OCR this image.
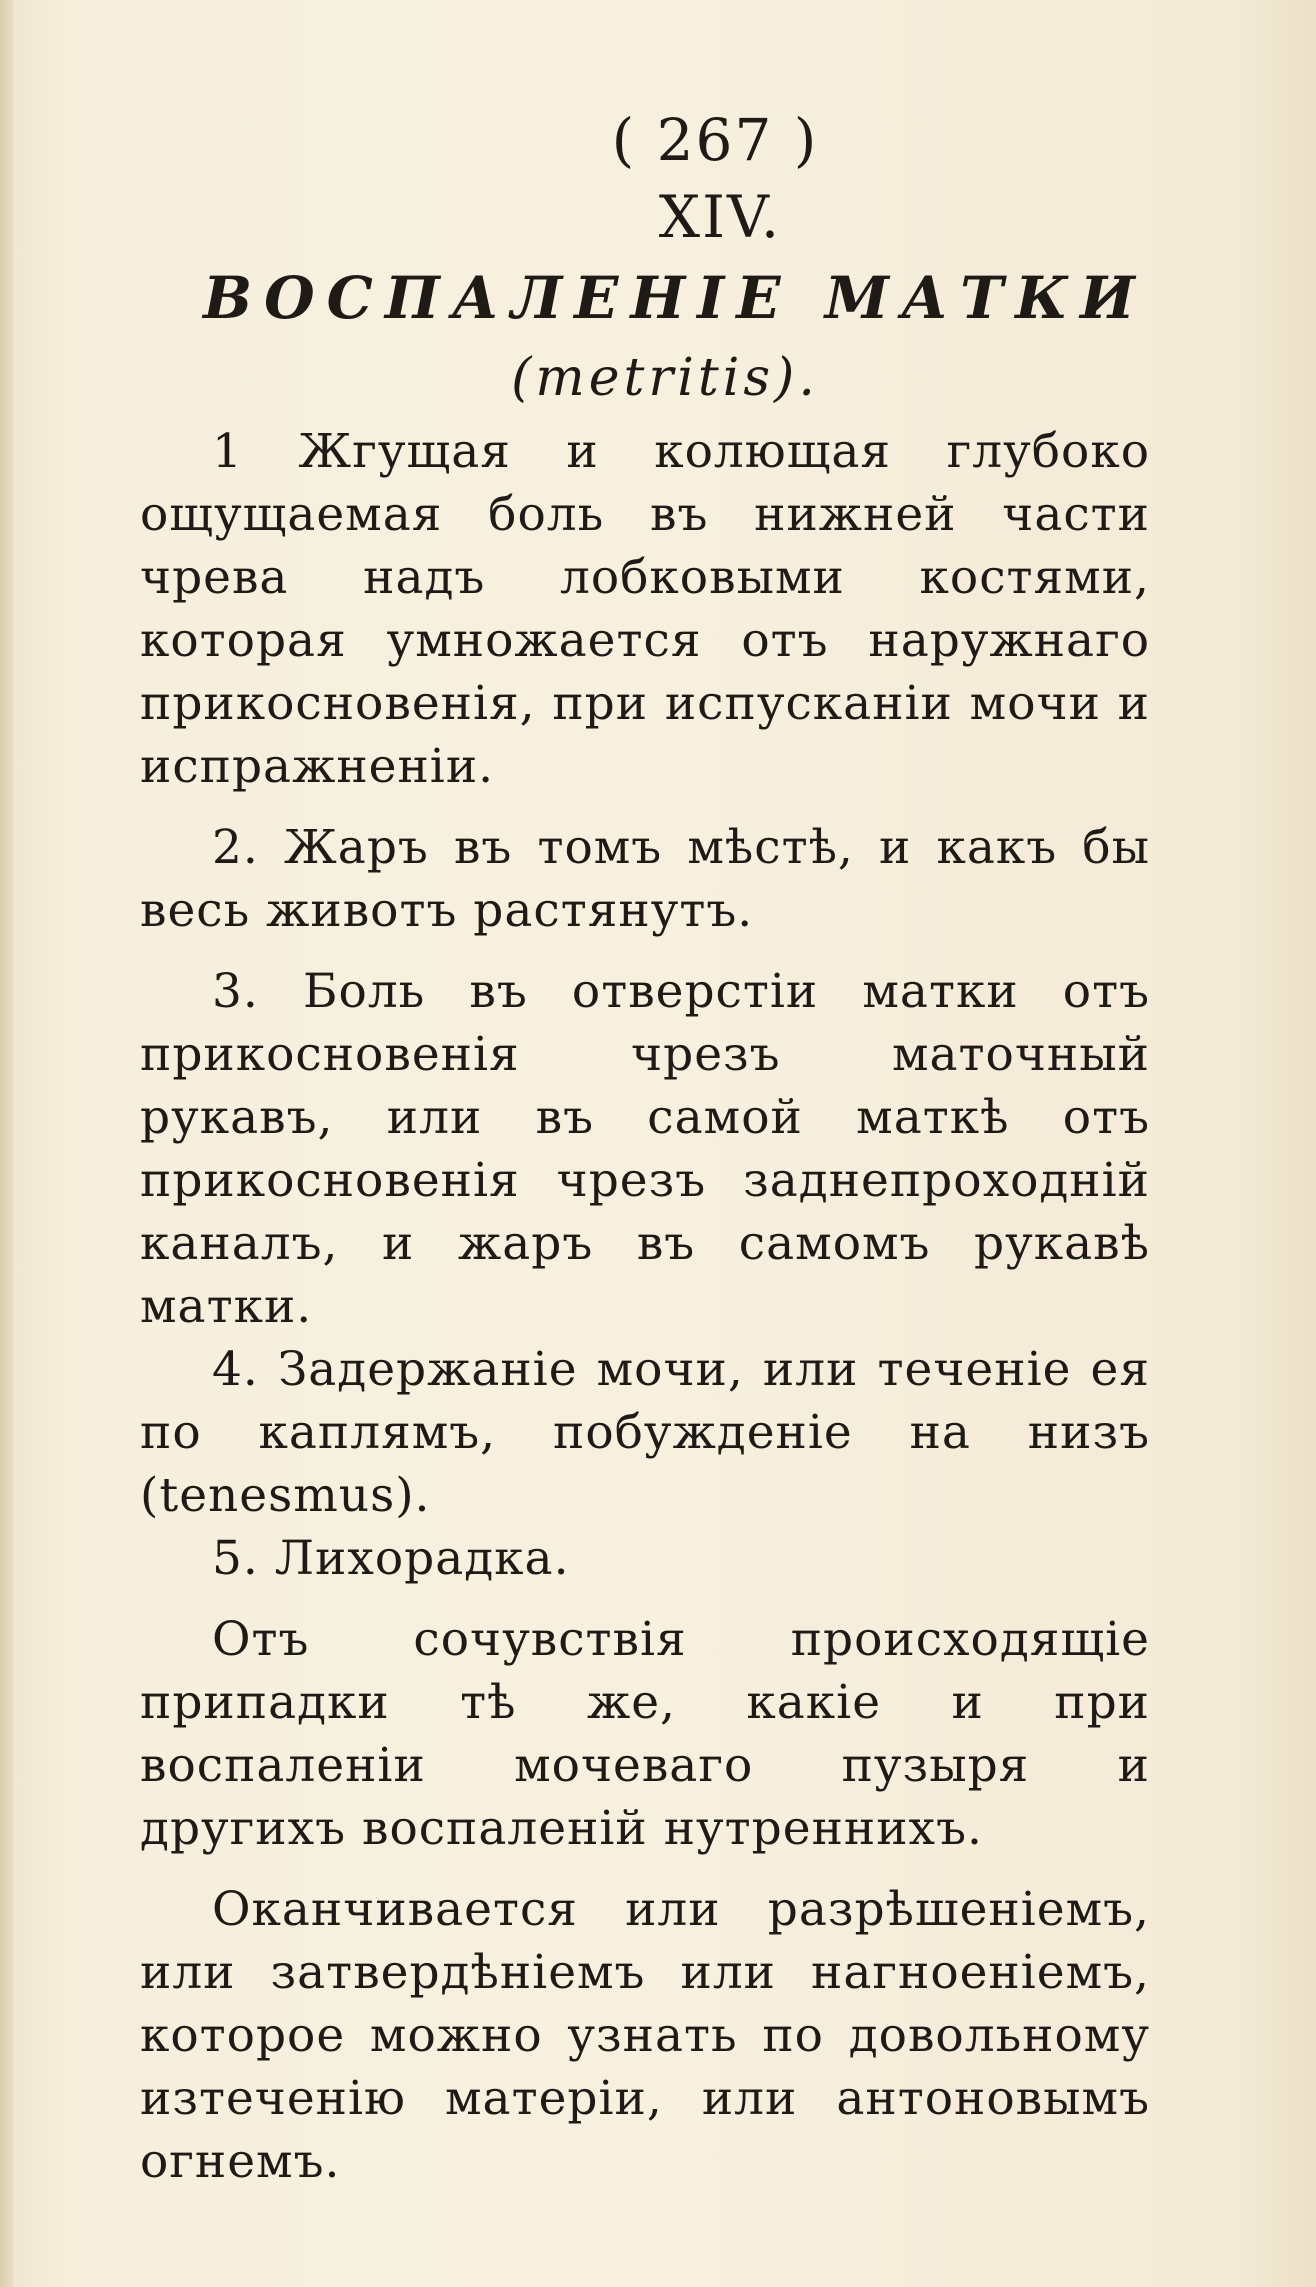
( 267 )
XIV.
ВОСПАЛЕНІЕ МАТКИ
(metritis).

1 Жгущая и колющая глубоко ощущаемая боль въ нижней части чрева надъ лобковыми костями, которая умножается отъ наружнаго прикосновенія, при испусканіи мочи и испражненіи.

2. Жаръ въ томъ мѣстѣ, и какъ бы весь животъ растянутъ.

3. Боль въ отверстіи матки отъ прикосновенія чрезъ маточный рукавъ, или въ самой маткѣ отъ прикосновенія чрезъ заднепроходній каналъ, и жаръ въ самомъ рукавѣ матки.

4. Задержаніе мочи, или теченіе ея по каплямъ, побужденіе на низъ (tenesmus).

5. Лихорадка.

Отъ сочувствія происходящіе припадки тѣ же, какіе и при воспаленіи мочеваго пузыря и другихъ воспаленій нутреннихъ.

Оканчивается или разрѣшеніемъ, или затвердѣніемъ или нагноеніемъ, которое можно узнать по довольному изтеченію матеріи, или антоновымъ огнемъ.
